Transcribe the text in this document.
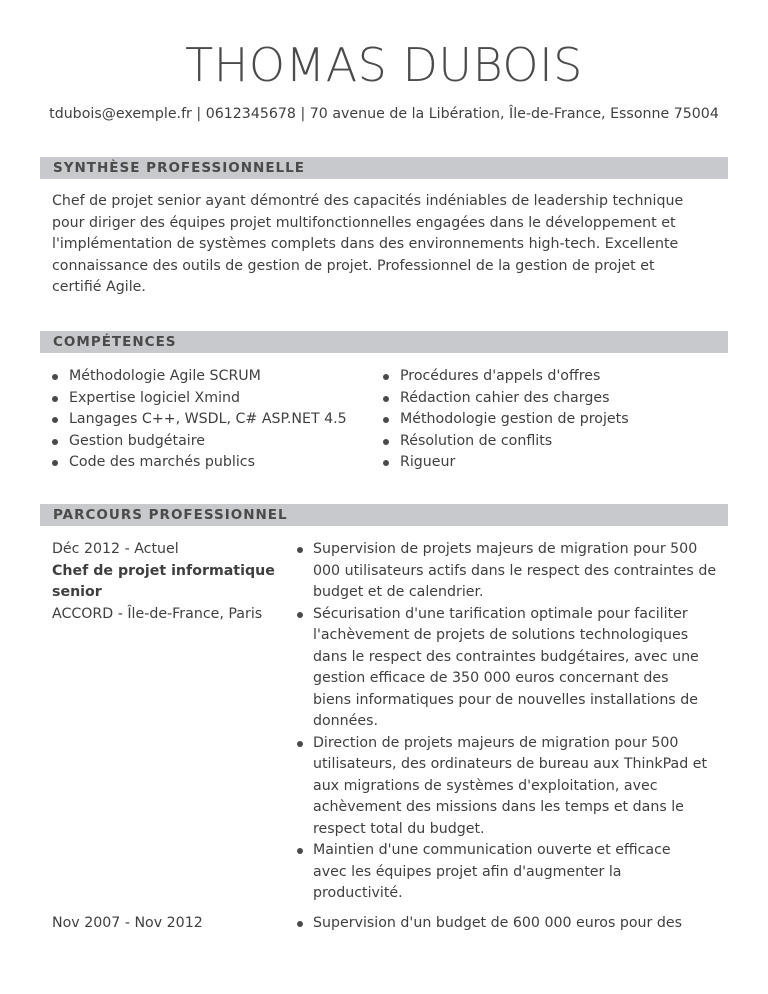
THOMAS DUBOIS
tdubois@exemple.fr | 0612345678 | 70 avenue de la Libération, Île-de-France, Essonne 75004
SYNTHÈSE PROFESSIONNELLE
Chef de projet senior ayant démontré des capacités indéniables de leadership technique
pour diriger des équipes projet multifonctionnelles engagées dans le développement et
l'implémentation de systèmes complets dans des environnements high-tech. Excellente
connaissance des outils de gestion de projet. Professionnel de la gestion de projet et
certifié Agile.
COMPÉTENCES
Méthodologie Agile SCRUM
Expertise logiciel Xmind
Langages C++, WSDL, C# ASP.NET 4.5
Gestion budgétaire
Code des marchés publics
Procédures d'appels d'offres
Rédaction cahier des charges
Méthodologie gestion de projets
Résolution de conflits
Rigueur
PARCOURS PROFESSIONNEL
Déc 2012 - Actuel
Chef de projet informatique
senior
ACCORD - Île-de-France, Paris
Supervision de projets majeurs de migration pour 500
000 utilisateurs actifs dans le respect des contraintes de
budget et de calendrier.
Sécurisation d'une tarification optimale pour faciliter
l'achèvement de projets de solutions technologiques
dans le respect des contraintes budgétaires, avec une
gestion efficace de 350 000 euros concernant des
biens informatiques pour de nouvelles installations de
données.
Direction de projets majeurs de migration pour 500
utilisateurs, des ordinateurs de bureau aux ThinkPad et
aux migrations de systèmes d'exploitation, avec
achèvement des missions dans les temps et dans le
respect total du budget.
Maintien d'une communication ouverte et efficace
avec les équipes projet afin d'augmenter la
productivité.
Nov 2007 - Nov 2012	Supervision d'un budget de 600 000 euros pour des
